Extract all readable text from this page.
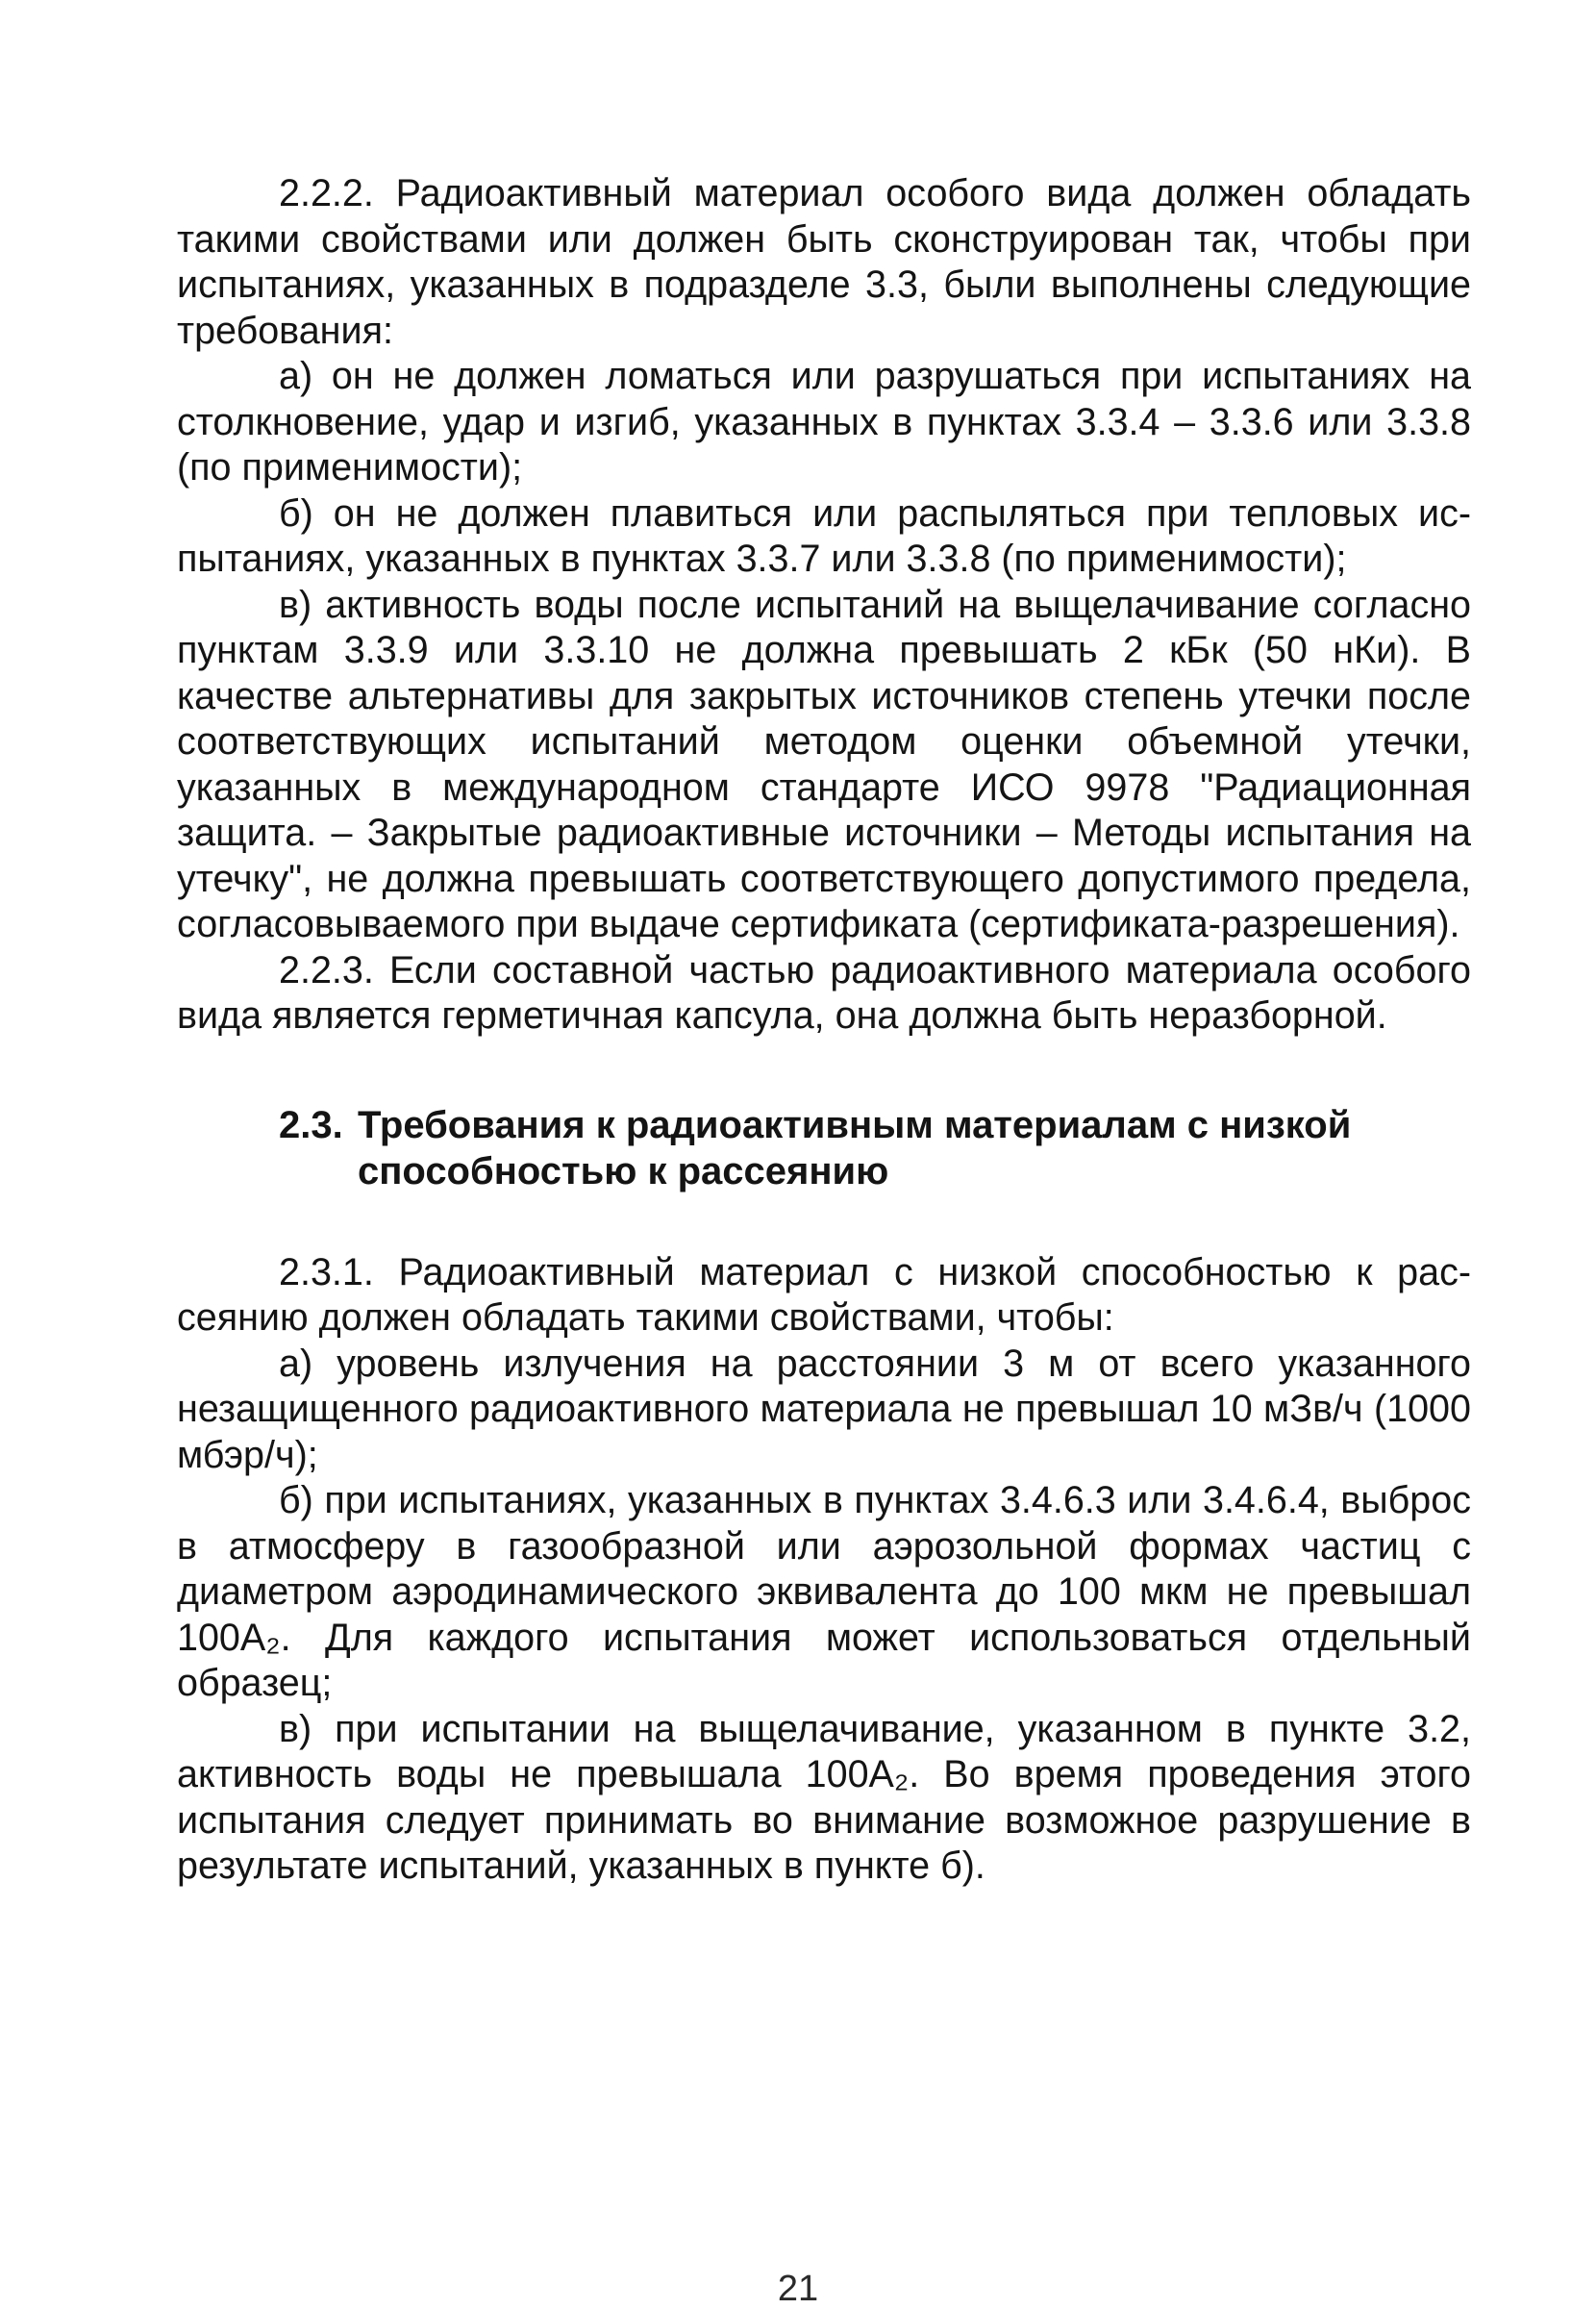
2.2.2. Радиоактивный материал особого вида должен обладать такими свойствами или должен быть сконструирован так, чтобы при испытаниях, указанных в подразделе 3.3, были выполнены следующие требования:

а) он не должен ломаться или разрушаться при испытаниях на столкновение, удар и изгиб, указанных в пунктах 3.3.4 – 3.3.6 или 3.3.8 (по применимости);

б) он не должен плавиться или распыляться при тепловых испытаниях, указанных в пунктах 3.3.7 или 3.3.8 (по применимости);

в) активность воды после испытаний на выщелачивание согласно пунктам 3.3.9 или 3.3.10 не должна превышать 2 кБк (50 нКи). В качестве альтернативы для закрытых источников степень утечки после соответствующих испытаний методом оценки объемной утечки, указанных в международном стандарте ИСО 9978 "Радиационная защита. – Закрытые радиоактивные источники – Методы испытания на утечку", не должна превышать соответствующего допустимого предела, согласовываемого при выдаче сертификата (сертификата-разрешения).

2.2.3. Если составной частью радиоактивного материала особого вида является герметичная капсула, она должна быть неразборной.

2.3. Требования к радиоактивным материалам с низкой
способностью к рассеянию

2.3.1. Радиоактивный материал с низкой способностью к рассеянию должен обладать такими свойствами, чтобы:

а) уровень излучения на расстоянии 3 м от всего указанного незащищенного радиоактивного материала не превышал 10 мЗв/ч (1000 мбэр/ч);

б) при испытаниях, указанных в пунктах 3.4.6.3 или 3.4.6.4, выброс в атмосферу в газообразной или аэрозольной формах частиц с диаметром аэродинамического эквивалента до 100 мкм не превышал 100A₂. Для каждого испытания может использоваться отдельный образец;

в) при испытании на выщелачивание, указанном в пункте 3.2, активность воды не превышала 100A₂. Во время проведения этого испытания следует принимать во внимание возможное разрушение в результате испытаний, указанных в пункте б).

21
